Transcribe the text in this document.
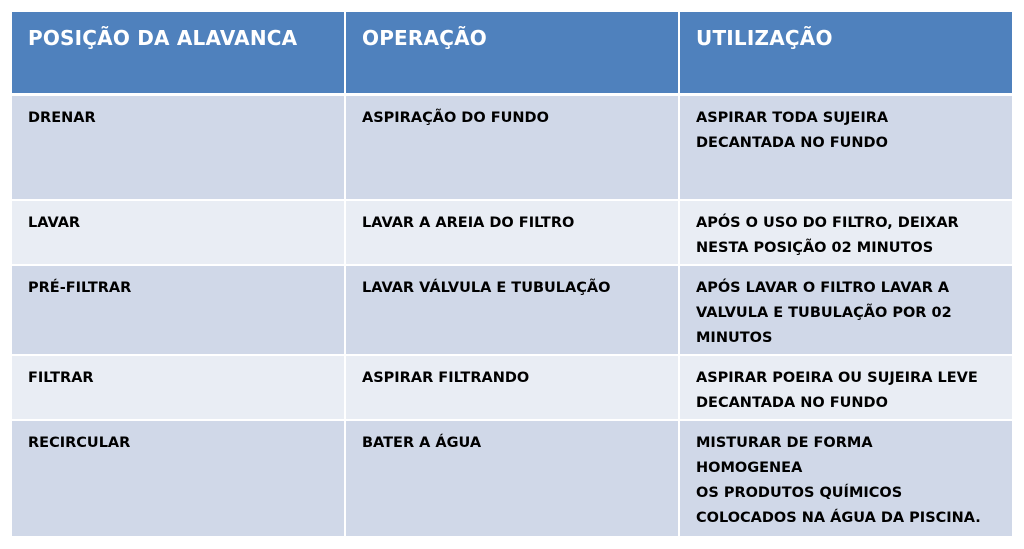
POSIÇÃO DA ALAVANCA	OPERAÇÃO	UTILIZAÇÃO
DRENAR	ASPIRAÇÃO DO FUNDO	ASPIRAR TODA SUJEIRA
DECANTADA NO FUNDO
LAVAR	LAVAR A AREIA DO FILTRO	APÓS O USO DO FILTRO, DEIXAR
NESTA POSIÇÃO 02 MINUTOS
PRÉ-FILTRAR	LAVAR VÁLVULA E TUBULAÇÃO	APÓS LAVAR O FILTRO LAVAR A
VALVULA E TUBULAÇÃO POR 02
MINUTOS
FILTRAR	ASPIRAR FILTRANDO	ASPIRAR POEIRA OU SUJEIRA LEVE
DECANTADA NO FUNDO
RECIRCULAR	BATER A ÁGUA	MISTURAR DE FORMA
HOMOGENEA
OS PRODUTOS QUÍMICOS
COLOCADOS NA ÁGUA DA PISCINA.
